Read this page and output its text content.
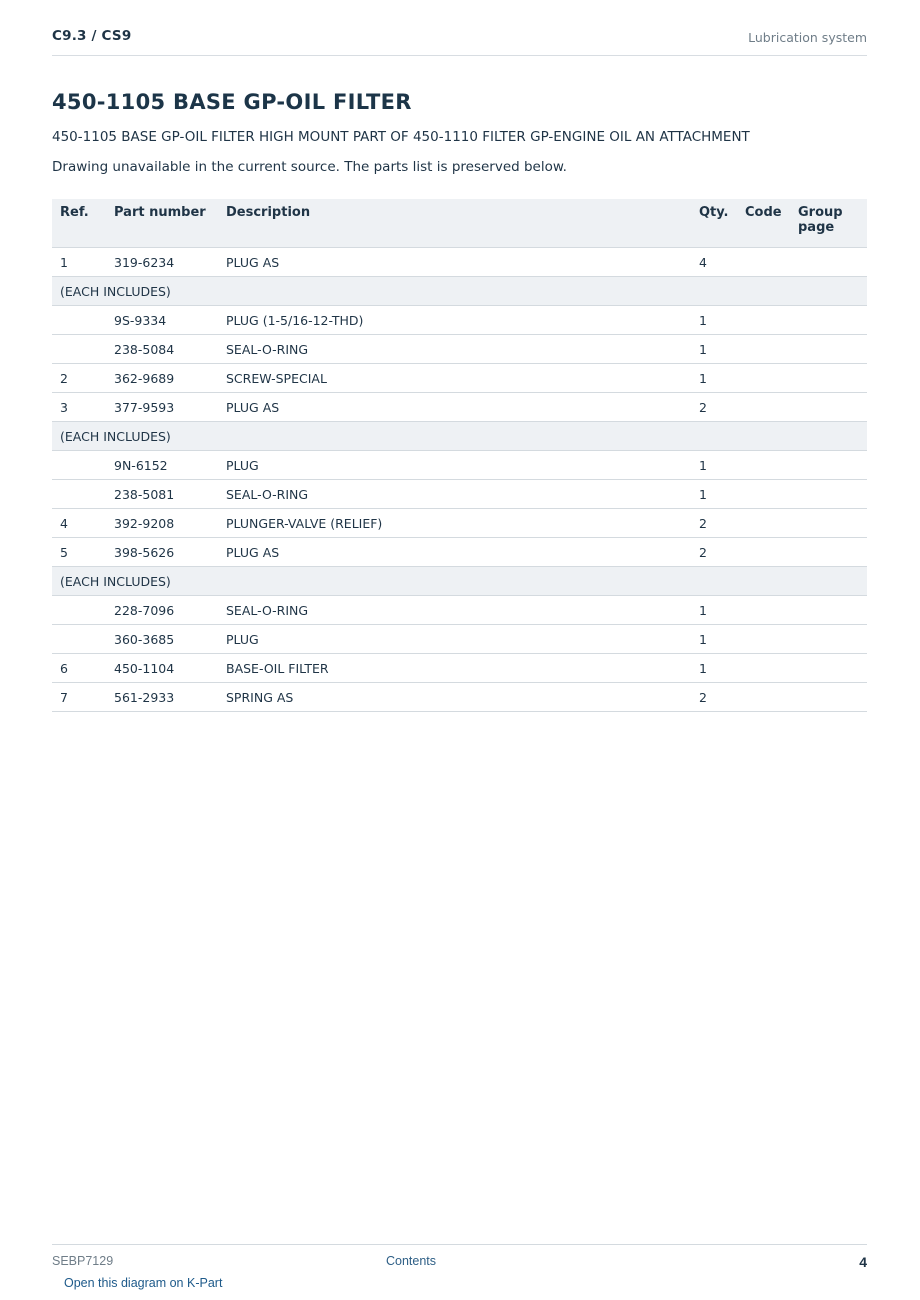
C9.3 / CS9	Lubrication system
450-1105 BASE GP-OIL FILTER
450-1105 BASE GP-OIL FILTER HIGH MOUNT PART OF 450-1110 FILTER GP-ENGINE OIL AN ATTACHMENT
Drawing unavailable in the current source. The parts list is preserved below.
Ref.	Part number	Description	Qty.	Code	Group page
1	319-6234	PLUG AS	4		
(EACH INCLUDES)					
	9S-9334	PLUG (1-5/16-12-THD)	1		
	238-5084	SEAL-O-RING	1		
2	362-9689	SCREW-SPECIAL	1		
3	377-9593	PLUG AS	2		
(EACH INCLUDES)					
	9N-6152	PLUG	1		
	238-5081	SEAL-O-RING	1		
4	392-9208	PLUNGER-VALVE (RELIEF)	2		
5	398-5626	PLUG AS	2		
(EACH INCLUDES)					
	228-7096	SEAL-O-RING	1		
	360-3685	PLUG	1		
6	450-1104	BASE-OIL FILTER	1		
7	561-2933	SPRING AS	2		
SEBP7129	Contents	4
Open this diagram on K-Part
